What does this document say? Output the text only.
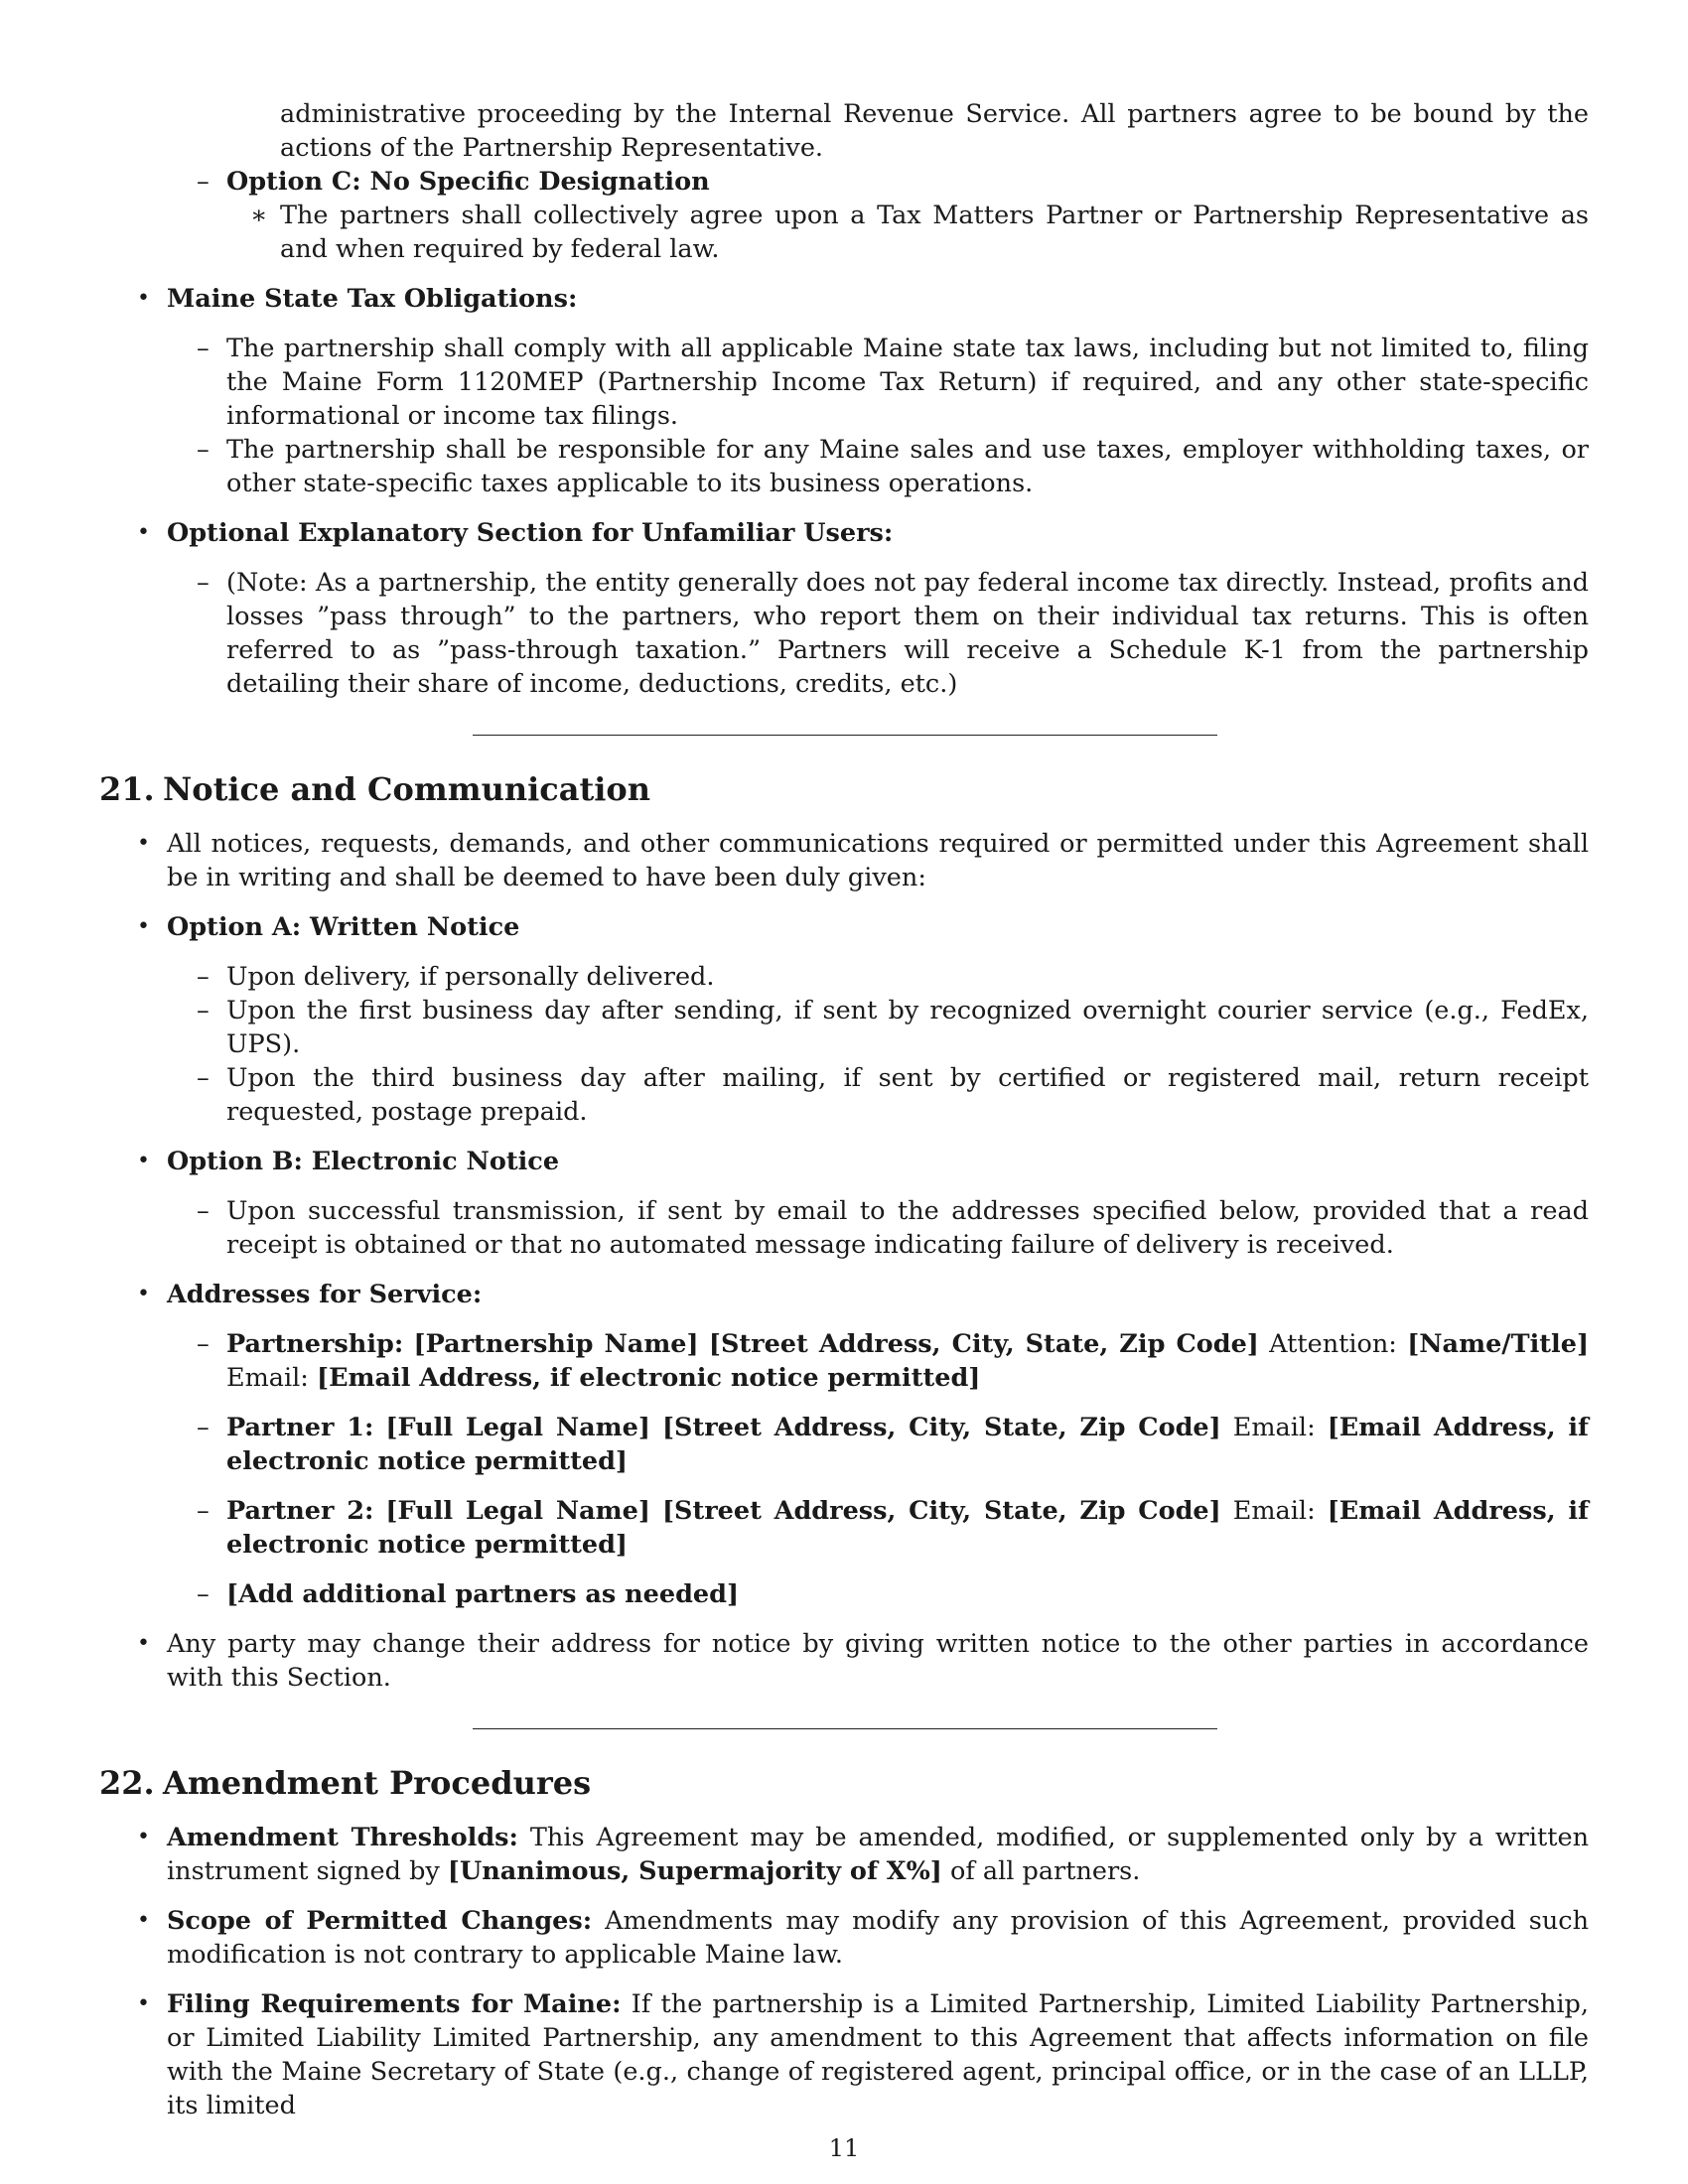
administrative proceeding by the Internal Revenue Service. All partners agree to be bound by the actions of the Partnership Representative.
– Option C: No Specific Designation
∗ The partners shall collectively agree upon a Tax Matters Partner or Partnership Representative as and when required by federal law.
• Maine State Tax Obligations:
– The partnership shall comply with all applicable Maine state tax laws, including but not limited to, filing the Maine Form 1120MEP (Partnership Income Tax Return) if required, and any other state-specific informational or income tax filings.
– The partnership shall be responsible for any Maine sales and use taxes, employer withholding taxes, or other state-specific taxes applicable to its business operations.
• Optional Explanatory Section for Unfamiliar Users:
– (Note: As a partnership, the entity generally does not pay federal income tax directly. Instead, profits and losses ”pass through” to the partners, who report them on their individual tax returns. This is often referred to as ”pass-through taxation.” Partners will receive a Schedule K-1 from the partnership detailing their share of income, deductions, credits, etc.)
21. Notice and Communication
• All notices, requests, demands, and other communications required or permitted under this Agreement shall be in writing and shall be deemed to have been duly given:
• Option A: Written Notice
– Upon delivery, if personally delivered.
– Upon the first business day after sending, if sent by recognized overnight courier service (e.g., FedEx, UPS).
– Upon the third business day after mailing, if sent by certified or registered mail, return receipt requested, postage prepaid.
• Option B: Electronic Notice
– Upon successful transmission, if sent by email to the addresses specified below, provided that a read receipt is obtained or that no automated message indicating failure of delivery is received.
• Addresses for Service:
– Partnership: [Partnership Name] [Street Address, City, State, Zip Code] Attention: [Name/Title] Email: [Email Address, if electronic notice permitted]
– Partner 1: [Full Legal Name] [Street Address, City, State, Zip Code] Email: [Email Address, if electronic notice permitted]
– Partner 2: [Full Legal Name] [Street Address, City, State, Zip Code] Email: [Email Address, if electronic notice permitted]
– [Add additional partners as needed]
• Any party may change their address for notice by giving written notice to the other parties in accordance with this Section.
22. Amendment Procedures
• Amendment Thresholds: This Agreement may be amended, modified, or supplemented only by a written instrument signed by [Unanimous, Supermajority of X%] of all partners.
• Scope of Permitted Changes: Amendments may modify any provision of this Agreement, provided such modification is not contrary to applicable Maine law.
• Filing Requirements for Maine: If the partnership is a Limited Partnership, Limited Liability Partnership, or Limited Liability Limited Partnership, any amendment to this Agreement that affects information on file with the Maine Secretary of State (e.g., change of registered agent, principal office, or in the case of an LLLP, its limited
11
